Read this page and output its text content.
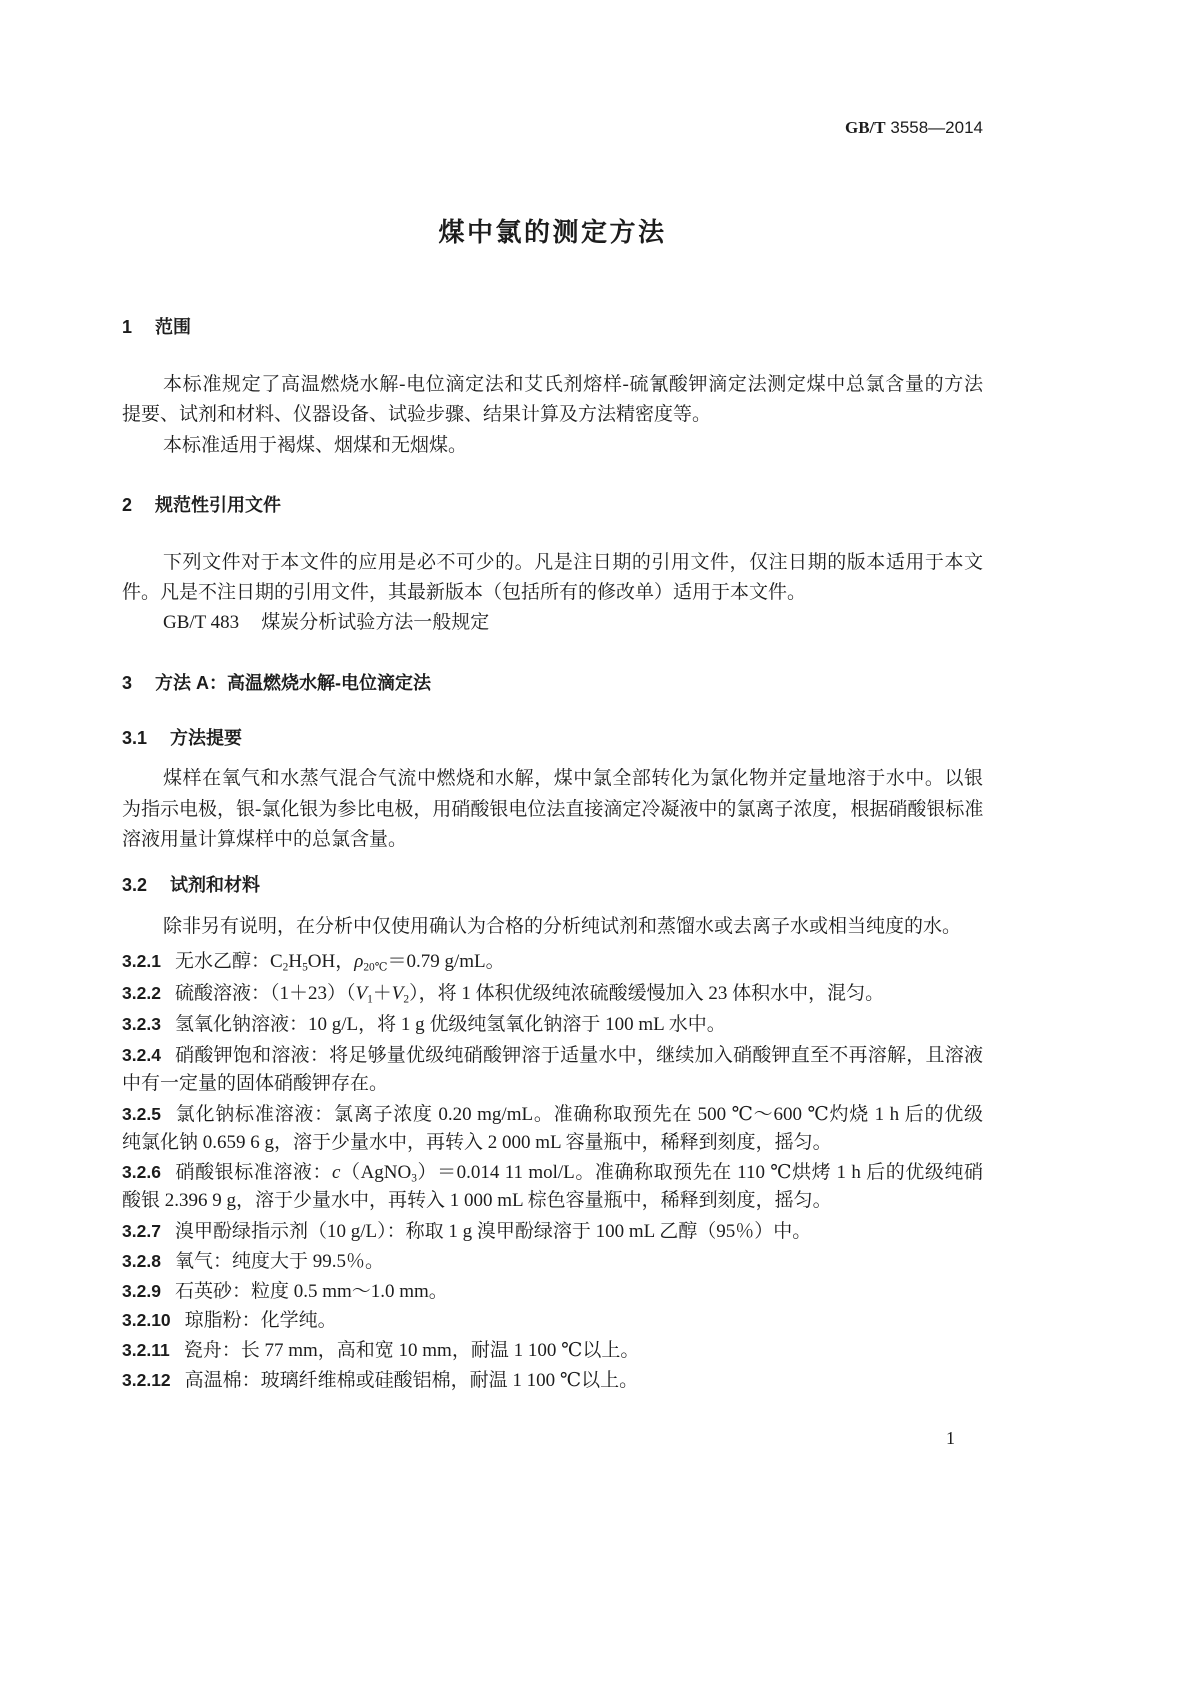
GB/T 3558—2014
煤中氯的测定方法
1 范围
本标准规定了高温燃烧水解-电位滴定法和艾氏剂熔样-硫氰酸钾滴定法测定煤中总氯含量的方法
提要、试剂和材料、仪器设备、试验步骤、结果计算及方法精密度等。
本标准适用于褐煤、烟煤和无烟煤。
2 规范性引用文件
下列文件对于本文件的应用是必不可少的。凡是注日期的引用文件，仅注日期的版本适用于本文
件。凡是不注日期的引用文件，其最新版本（包括所有的修改单）适用于本文件。
GB/T 483 煤炭分析试验方法一般规定
3 方法 A：高温燃烧水解-电位滴定法
3.1 方法提要
煤样在氧气和水蒸气混合气流中燃烧和水解，煤中氯全部转化为氯化物并定量地溶于水中。以银
为指示电极，银-氯化银为参比电极，用硝酸银电位法直接滴定冷凝液中的氯离子浓度，根据硝酸银标准
溶液用量计算煤样中的总氯含量。
3.2 试剂和材料
除非另有说明，在分析中仅使用确认为合格的分析纯试剂和蒸馏水或去离子水或相当纯度的水。
3.2.1 无水乙醇：$C_2H_5OH$，$\rho_{20℃}=0.79$ g/mL。
3.2.2 硫酸溶液：$(1+23)(V_1+V_2)$，将 1 体积优级纯浓硫酸缓慢加入 23 体积水中，混匀。
3.2.3 氢氧化钠溶液：10 g/L，将 1 g 优级纯氢氧化钠溶于 100 mL 水中。
3.2.4 硝酸钾饱和溶液：将足够量优级纯硝酸钾溶于适量水中，继续加入硝酸钾直至不再溶解，且溶液
中有一定量的固体硝酸钾存在。
3.2.5 氯化钠标准溶液：氯离子浓度 0.20 mg/mL。准确称取预先在 500 ℃～600 ℃灼烧 1 h 后的优级
纯氯化钠 0.659 6 g，溶于少量水中，再转入 2 000 mL 容量瓶中，稀释到刻度，摇匀。
3.2.6 硝酸银标准溶液：c（AgNO$_3$）＝0.014 11 mol/L。准确称取预先在 110 ℃烘烤 1 h 后的优级纯硝
酸银 2.396 9 g，溶于少量水中，再转入 1 000 mL 棕色容量瓶中，稀释到刻度，摇匀。
3.2.7 溴甲酚绿指示剂（10 g/L）：称取 1 g 溴甲酚绿溶于 100 mL 乙醇（95％）中。
3.2.8 氧气：纯度大于 99.5％。
3.2.9 石英砂：粒度 0.5 mm～1.0 mm。
3.2.10 琼脂粉：化学纯。
3.2.11 瓷舟：长 77 mm，高和宽 10 mm，耐温 1 100 ℃以上。
3.2.12 高温棉：玻璃纤维棉或硅酸铝棉，耐温 1 100 ℃以上。
1
